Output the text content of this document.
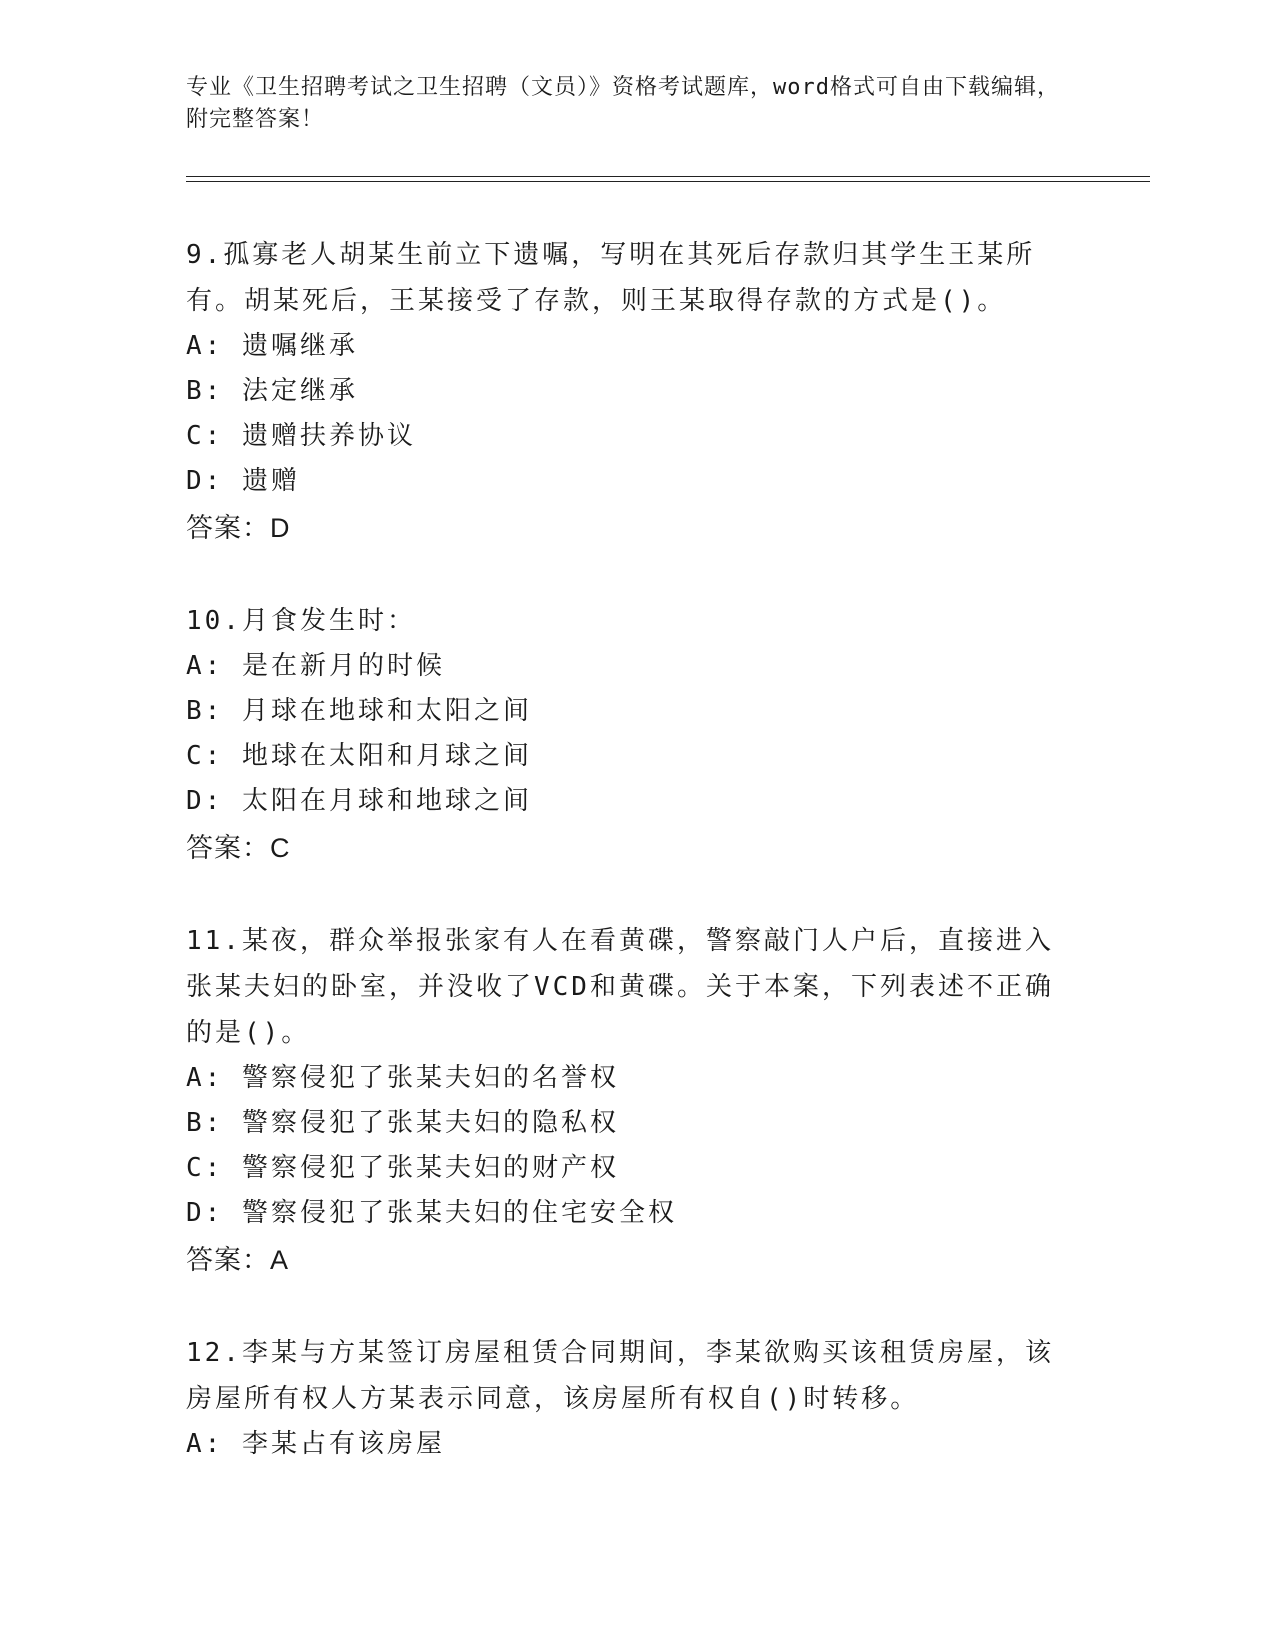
专业《卫生招聘考试之卫生招聘（文员）》资格考试题库，word格式可自由下载编辑，附完整答案！

9.孤寡老人胡某生前立下遗嘱，写明在其死后存款归其学生王某所有。胡某死后，王某接受了存款，则王某取得存款的方式是()。

A: 遗嘱继承

B: 法定继承

C: 遗赠扶养协议

D: 遗赠

答案：D

10.月食发生时：

A: 是在新月的时候

B: 月球在地球和太阳之间

C: 地球在太阳和月球之间

D: 太阳在月球和地球之间

答案：C

11.某夜，群众举报张家有人在看黄碟，警察敲门人户后，直接进入张某夫妇的卧室，并没收了VCD和黄碟。关于本案，下列表述不正确的是()。

A: 警察侵犯了张某夫妇的名誉权

B: 警察侵犯了张某夫妇的隐私权

C: 警察侵犯了张某夫妇的财产权

D: 警察侵犯了张某夫妇的住宅安全权

答案：A

12.李某与方某签订房屋租赁合同期间，李某欲购买该租赁房屋，该房屋所有权人方某表示同意，该房屋所有权自()时转移。

A: 李某占有该房屋
